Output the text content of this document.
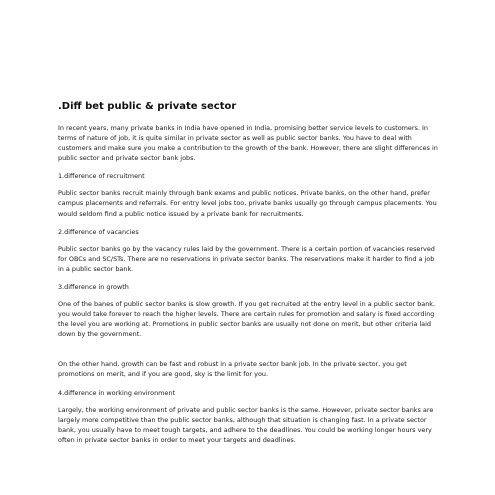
.Diff bet public & private sector

In recent years, many private banks in India have opened in India, promising better service levels to customers. In terms of nature of job, it is quite similar in private sector as well as public sector banks. You have to deal with customers and make sure you make a contribution to the growth of the bank. However, there are slight differences in public sector and private sector bank jobs.

1.difference of recruitment

Public sector banks recruit mainly through bank exams and public notices. Private banks, on the other hand, prefer campus placements and referrals. For entry level jobs too, private banks usually go through campus placements. You would seldom find a public notice issued by a private bank for recruitments.

2.difference of vacancies

Public sector banks go by the vacancy rules laid by the government. There is a certain portion of vacancies reserved for OBCs and SC/STs. There are no reservations in private sector banks. The reservations make it harder to find a job in a public sector bank.

3.difference in growth

One of the banes of public sector banks is slow growth. If you get recruited at the entry level in a public sector bank, you would take forever to reach the higher levels. There are certain rules for promotion and salary is fixed according the level you are working at. Promotions in public sector banks are usually not done on merit, but other criteria laid down by the government.

On the other hand, growth can be fast and robust in a private sector bank job. In the private sector, you get promotions on merit, and if you are good, sky is the limit for you.

4.difference in working environment

Largely, the working environment of private and public sector banks is the same. However, private sector banks are largely more competitive than the public sector banks, although that situation is changing fast. In a private sector bank, you usually have to meet tough targets, and adhere to the deadlines. You could be working longer hours very often in private sector banks in order to meet your targets and deadlines.
